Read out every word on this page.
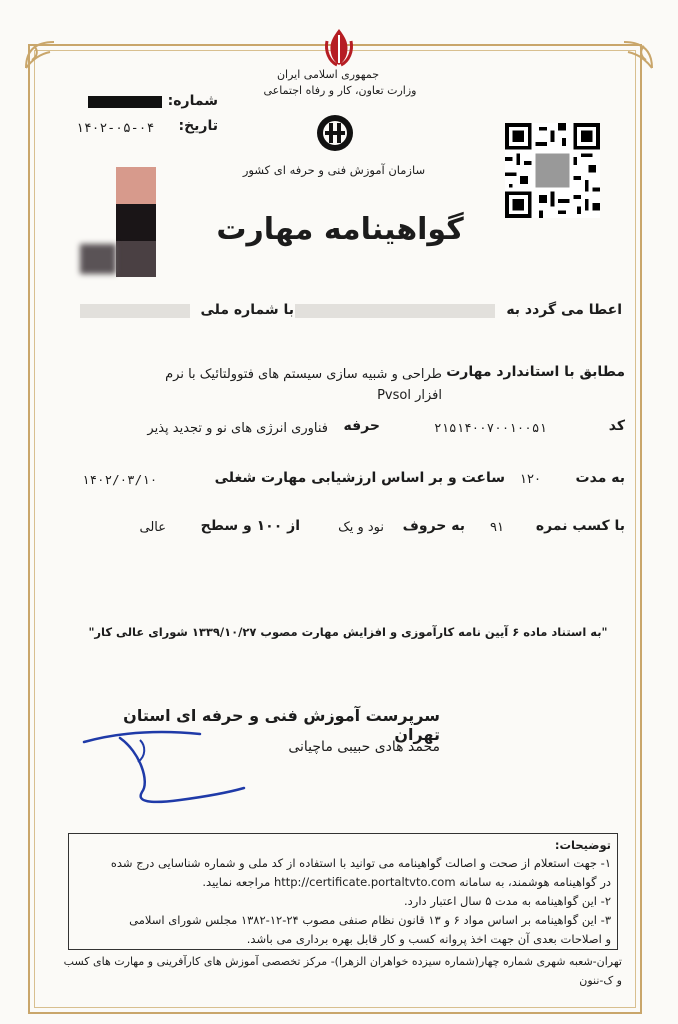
جمهوری اسلامی ایران
وزارت تعاون، کار و رفاه اجتماعی
شماره:
تاریخ:
۱۴۰۲-۰۵-۰۴
سازمان آموزش فنی و حرفه ای کشور
گواهینامه مهارت
اعطا می گردد به
با شماره ملی
مطابق با استاندارد مهارت
طراحی و شبیه سازی سیستم های فتوولتائیک با نرم
افزار Pvsol
کد
۲۱۵۱۴۰۰۷۰۰۱۰۰۵۱
حرفه
فناوری انرژی های نو و تجدید پذیر
به مدت
۱۲۰
ساعت و بر اساس ارزشیابی مهارت شغلی
۱۴۰۲/۰۳/۱۰
با کسب نمره
۹۱
به حروف
نود و یک
از ۱۰۰ و سطح
عالی
"به استناد ماده ۶ آیین نامه کارآموزی و افزایش مهارت مصوب ۱۳۳۹/۱۰/۲۷ شورای عالی کار"
سرپرست آموزش فنی و حرفه ای استان تهران
محمد هادی حبیبی ماچیانی
توضیحات:
۱- جهت استعلام از صحت و اصالت گواهینامه می توانید با استفاده از کد ملی و شماره شناسایی درج شده
در گواهینامه هوشمند، به سامانه http://certificate.portaltvto.com مراجعه نمایید.
۲- این گواهینامه به مدت ۵ سال اعتبار دارد.
۳- این گواهینامه بر اساس مواد ۶ و ۱۳ قانون نظام صنفی مصوب ۲۴-۱۲-۱۳۸۲ مجلس شورای اسلامی
و اصلاحات بعدی آن جهت اخذ پروانه کسب و کار قابل بهره برداری می باشد.
تهران-شعبه شهری شماره چهار(شماره سیزده خواهران الزهرا)- مرکز تخصصی آموزش های کارآفرینی و مهارت های کسب
و ک-ننون
